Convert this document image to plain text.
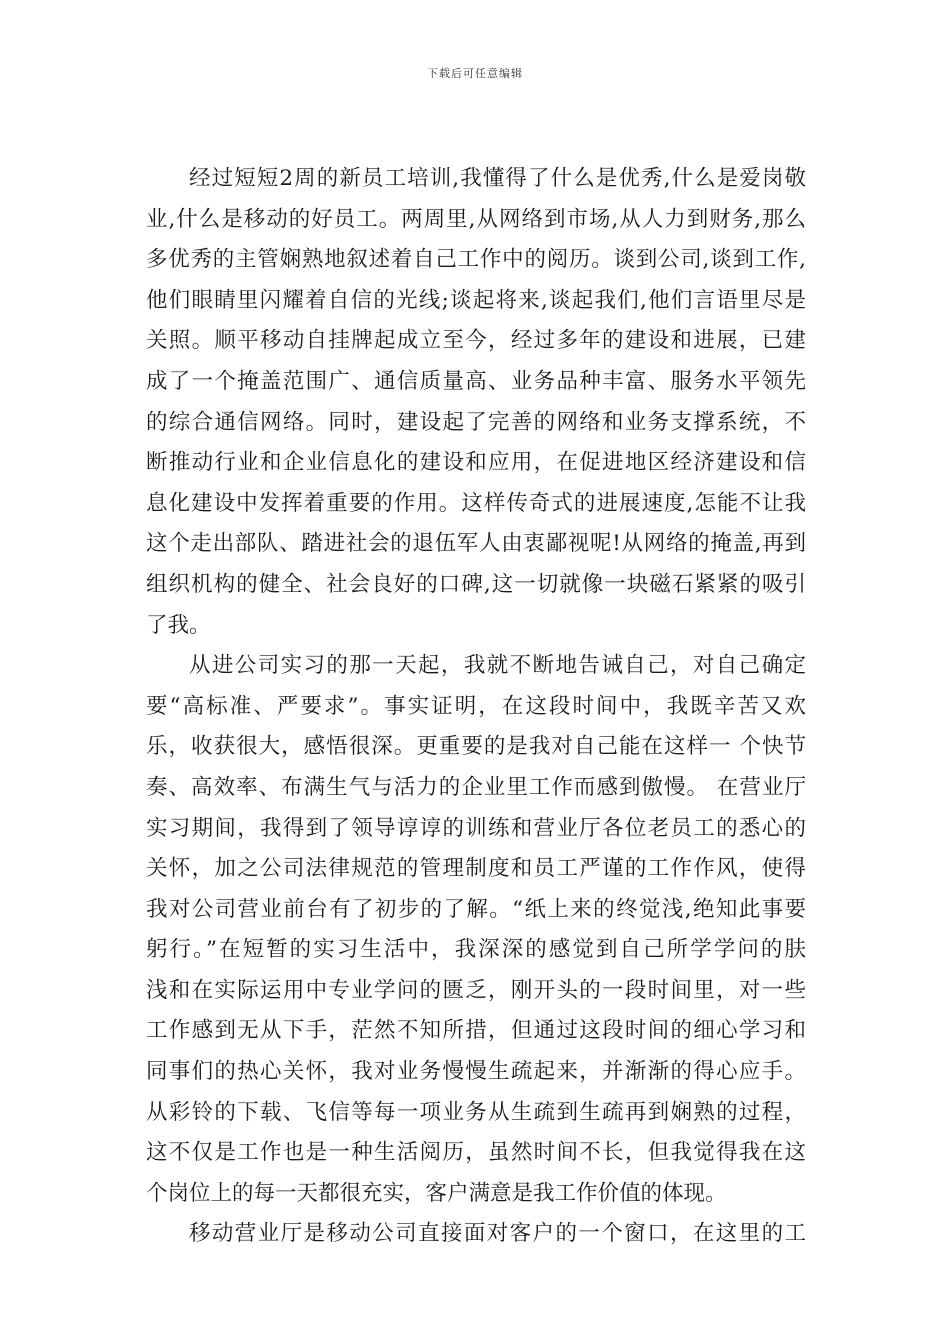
下载后可任意编辑
经过短短2周的新员工培训,我懂得了什么是优秀,什么是爱岗敬
业,什么是移动的好员工。两周里,从网络到市场,从人力到财务,那么
多优秀的主管娴熟地叙述着自己工作中的阅历。谈到公司,谈到工作,
他们眼睛里闪耀着自信的光线;谈起将来,谈起我们,他们言语里尽是
关照。顺平移动自挂牌起成立至今，经过多年的建设和进展，已建
成了一个掩盖范围广、通信质量高、业务品种丰富、服务水平领先
的综合通信网络。同时，建设起了完善的网络和业务支撑系统，不
断推动行业和企业信息化的建设和应用，在促进地区经济建设和信
息化建设中发挥着重要的作用。这样传奇式的进展速度,怎能不让我
这个走出部队、踏进社会的退伍军人由衷鄙视呢!从网络的掩盖,再到
组织机构的健全、社会良好的口碑,这一切就像一块磁石紧紧的吸引
了我。
从进公司实习的那一天起，我就不断地告诫自己，对自己确定
要“高标准、严要求”。事实证明，在这段时间中，我既辛苦又欢
乐，收获很大，感悟很深。更重要的是我对自己能在这样一 个快节
奏、高效率、布满生气与活力的企业里工作而感到傲慢。 在营业厅
实习期间，我得到了领导谆谆的训练和营业厅各位老员工的悉心的
关怀，加之公司法律规范的管理制度和员工严谨的工作作风，使得
我对公司营业前台有了初步的了解。“纸上来的终觉浅,绝知此事要
躬行。”在短暂的实习生活中，我深深的感觉到自己所学学问的肤
浅和在实际运用中专业学问的匮乏，刚开头的一段时间里，对一些
工作感到无从下手，茫然不知所措，但通过这段时间的细心学习和
同事们的热心关怀，我对业务慢慢生疏起来，并渐渐的得心应手。
从彩铃的下载、飞信等每一项业务从生疏到生疏再到娴熟的过程，
这不仅是工作也是一种生活阅历，虽然时间不长，但我觉得我在这
个岗位上的每一天都很充实，客户满意是我工作价值的体现。
移动营业厅是移动公司直接面对客户的一个窗口，在这里的工
